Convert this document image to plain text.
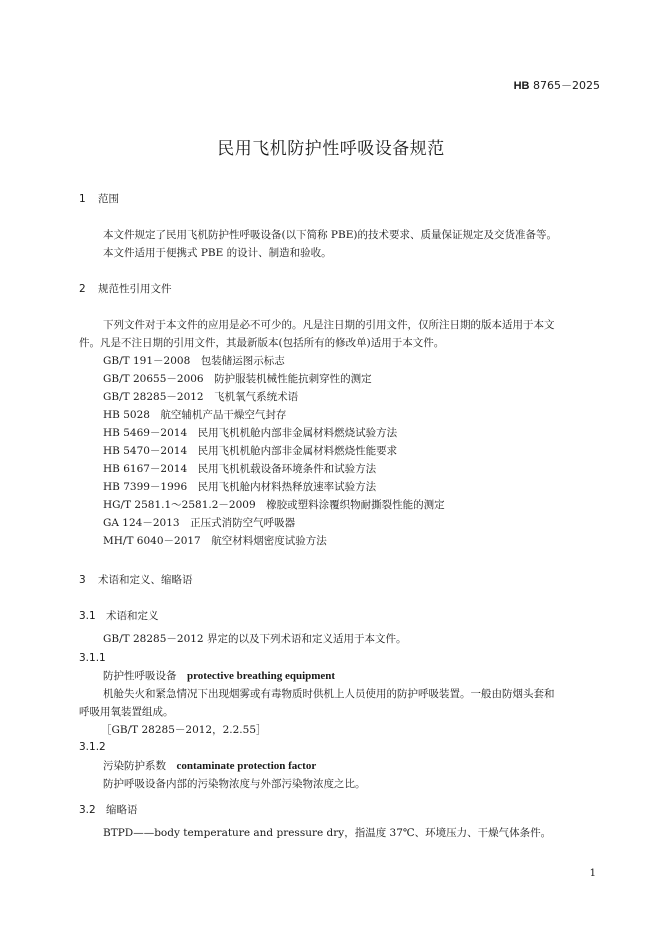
HB 8765－2025
民用飞机防护性呼吸设备规范
1 范围
本文件规定了民用飞机防护性呼吸设备(以下简称 PBE)的技术要求、质量保证规定及交货准备等。
本文件适用于便携式 PBE 的设计、制造和验收。
2 规范性引用文件
下列文件对于本文件的应用是必不可少的。凡是注日期的引用文件，仅所注日期的版本适用于本文
件。凡是不注日期的引用文件，其最新版本(包括所有的修改单)适用于本文件。
GB/T 191－2008　包装储运图示标志
GB/T 20655－2006　防护服装机械性能抗刺穿性的测定
GB/T 28285－2012　飞机氧气系统术语
HB 5028　航空辅机产品干燥空气封存
HB 5469－2014　民用飞机机舱内部非金属材料燃烧试验方法
HB 5470－2014　民用飞机机舱内部非金属材料燃烧性能要求
HB 6167－2014　民用飞机机载设备环境条件和试验方法
HB 7399－1996　民用飞机舱内材料热释放速率试验方法
HG/T 2581.1～2581.2－2009　橡胶或塑料涂覆织物耐撕裂性能的测定
GA 124－2013　正压式消防空气呼吸器
MH/T 6040－2017　航空材料烟密度试验方法
3 术语和定义、缩略语
3.1 术语和定义
GB/T 28285－2012 界定的以及下列术语和定义适用于本文件。
3.1.1
防护性呼吸设备　 protective breathing equipment
机舱失火和紧急情况下出现烟雾或有毒物质时供机上人员使用的防护呼吸装置。一般由防烟头套和
呼吸用氧装置组成。
［GB/T 28285－2012，2.2.55］
3.1.2
污染防护系数　 contaminate protection factor
防护呼吸设备内部的污染物浓度与外部污染物浓度之比。
3.2 缩略语
BTPD——body temperature and pressure dry，指温度 37℃、环境压力、干燥气体条件。
1
